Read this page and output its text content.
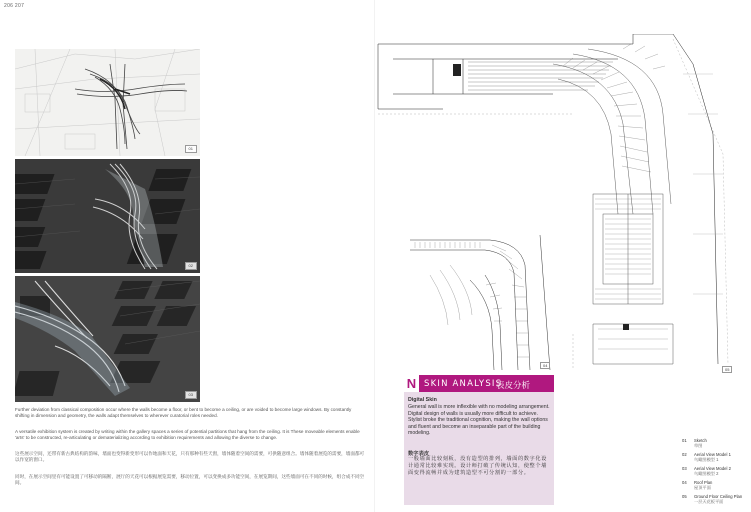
206 207
01
02
03

Further deviation from classical composition occur where the walls become a floor, or bent to become a ceiling, or are voided to become large windows. By constantly shifting in dimension and geometry, the walls adapt themselves to wherever curatorial roles needed.

A versatile exhibition system is created by writing within the gallery spaces a series of potential partitions that hang from the ceiling. It is These moveable elements enable 'arts' to be constructed, re-articulating or dematerializing according to exhibition requirements and allowing the diverse to change.

这些展示空间，还带有新古典结构的韵味，墙面也变得新变形可以作地面和天花，只有那种有些天窗，墙体随着空间的需要，可供随意组合。墙体随着展览的需要，墙面都可以作宽的窗口。

同时，在展示空间里有可能设置了可移动的隔断，展厅的天花可以根据展览需要，移动位置，可以变换成多功能空间，在展览期间，这些墙面可在不同的时候，组合成不同空间。

05
04
N SKIN ANALYSIS
表皮分析
Digital Skin

General wall is more inflexible with no modeling arrangement. Digital design of walls is usually more difficult to achieve. Stylist broke the traditional cognition, making the wall options and fluent and become an inseparable part of the building modeling.

数字表皮

一般墙面比较刻板，没有造型的排列，墙面的数字化设计通常比较难实现。设计师打破了传统认知，使整个墙面变得流畅并成为建筑造型不可分割的一部分。

01 Sketch
草图
02 Aerial View Model 1
鸟瞰图模型 1
03 Aerial View Model 2
鸟瞰图模型 2
04 Roof Plan
屋顶平面
05 Ground Floor Ceiling Plan
一层天花板平面
